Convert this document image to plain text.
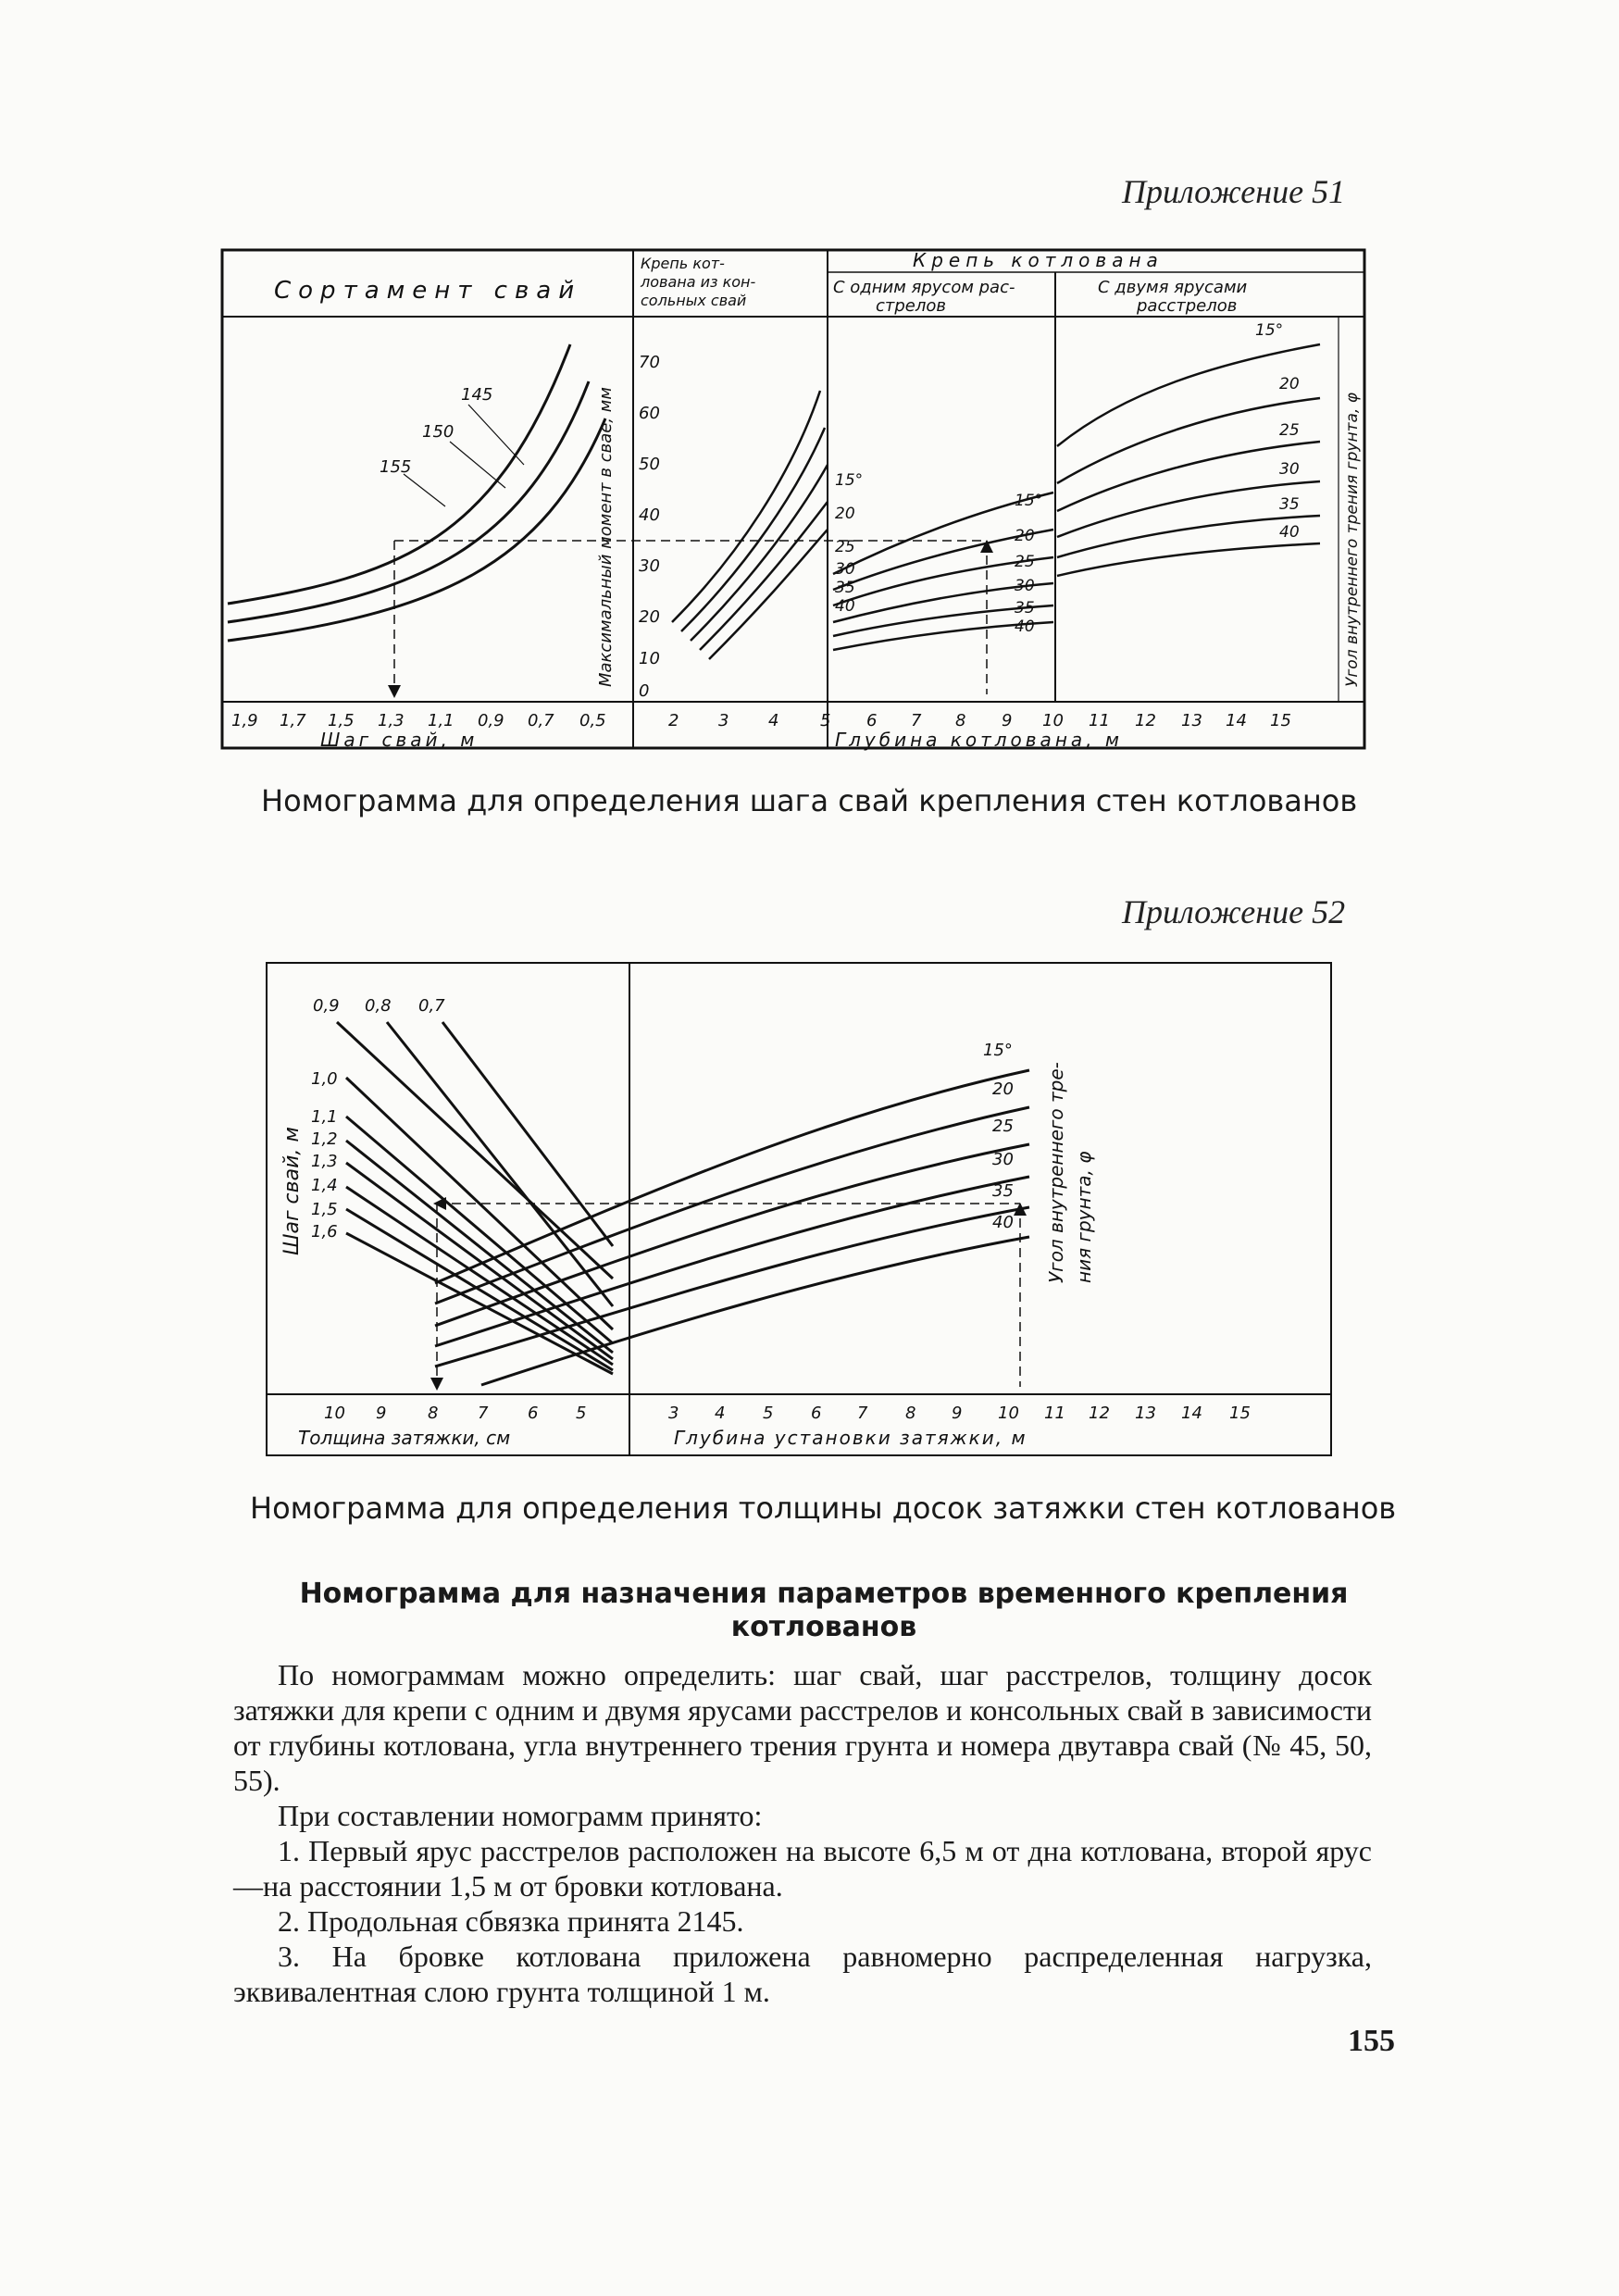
Приложение 51
Сортамент свай
Крепь кот-
лована из кон-
сольных свай
Крепь котлована
С одним ярусом рас-
стрелов
С двумя ярусами
расстрелов
Максимальный момент в свае, мм	Угол внутреннего трения грунта, φ
70
60
50
40
30
20
10
0
145
150
155
15°
20
25
30
35
40
15°
20
25
30
35
40
15°
20
25
30
35
40
1,9 1,7 1,5 1,3 1,1 0,9 0,7 0,5
Шаг свай, м
2 3 4 5 6 7 8 9 10 11 12 13 14 15
Глубина котлована, м
Номограмма для определения шага свай крепления стен котлованов
Приложение 52
Шаг свай, м
0,9 0,8 0,7
1,0
1,1
1,2
1,3
1,4
1,5
1,6
15°
20
25
30
35
40 Угол внутреннего тре- ния грунта, φ
10 9 8 7 6 5
Толщина затяжки, см
3 4 5 6 7 8 9 10 11 12 13 14 15
Глубина установки затяжки, м
Номограмма для определения толщины досок затяжки стен котлованов
Номограмма для назначения параметров временного крепления
котлованов
По номограммам можно определить: шаг свай, шаг расстрелов, толщину досок затяжки для крепи с одним и двумя ярусами расстрелов и консольных свай в зависимости от глубины котлована, угла внутреннего трения грунта и номера двутавра свай (№ 45, 50, 55).
При составлении номограмм принято:
1. Первый ярус расстрелов расположен на высоте 6,5 м от дна котлована, второй ярус—на расстоянии 1,5 м от бровки котлована.
2. Продольная сбвязка принята 2145.
3. На бровке котлована приложена равномерно распределенная нагрузка, эквивалентная слою грунта толщиной 1 м.
155
